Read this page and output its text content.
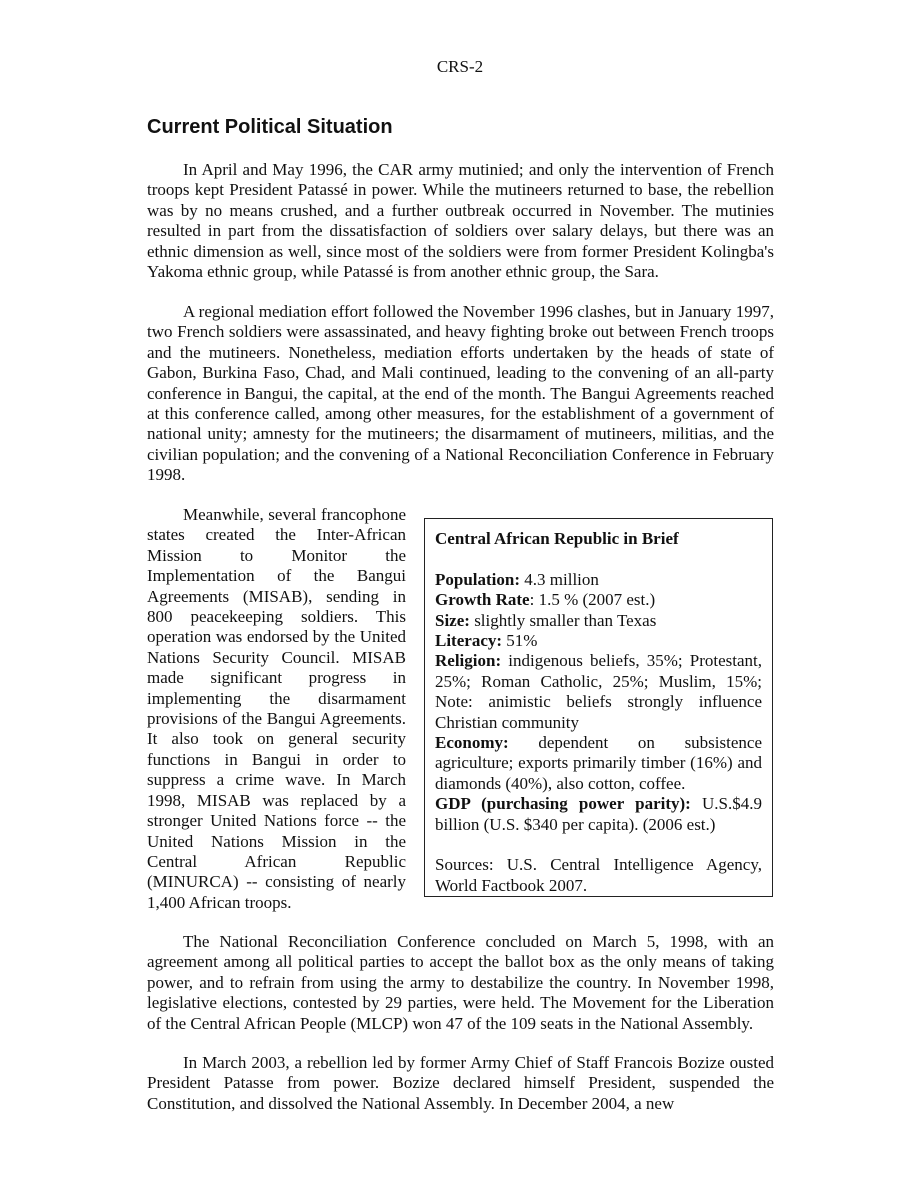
CRS-2
Current Political Situation

In April and May 1996, the CAR army mutinied; and only the intervention of French troops kept President Patassé in power. While the mutineers returned to base, the rebellion was by no means crushed, and a further outbreak occurred in November. The mutinies resulted in part from the dissatisfaction of soldiers over salary delays, but there was an ethnic dimension as well, since most of the soldiers were from former President Kolingba's Yakoma ethnic group, while Patassé is from another ethnic group, the Sara.

A regional mediation effort followed the November 1996 clashes, but in January 1997, two French soldiers were assassinated, and heavy fighting broke out between French troops and the mutineers. Nonetheless, mediation efforts undertaken by the heads of state of Gabon, Burkina Faso, Chad, and Mali continued, leading to the convening of an all-party conference in Bangui, the capital, at the end of the month. The Bangui Agreements reached at this conference called, among other measures, for the establishment of a government of national unity; amnesty for the mutineers; the disarmament of mutineers, militias, and the civilian population; and the convening of a National Reconciliation Conference in February 1998.

Meanwhile, several francophone states created the Inter-African Mission to Monitor the Implementation of the Bangui Agreements (MISAB), sending in 800 peacekeeping soldiers. This operation was endorsed by the United Nations Security Council. MISAB made significant progress in implementing the disarmament provisions of the Bangui Agreements. It also took on general security functions in Bangui in order to suppress a crime wave. In March 1998, MISAB was replaced by a stronger United Nations force -- the United Nations Mission in the Central African Republic (MINURCA) -- consisting of nearly 1,400 African troops.

Central African Republic in Brief

Population: 4.3 million

Growth Rate: 1.5 % (2007 est.)

Size: slightly smaller than Texas

Literacy: 51%

Religion: indigenous beliefs, 35%; Protestant, 25%; Roman Catholic, 25%; Muslim, 15%; Note: animistic beliefs strongly influence Christian community

Economy: dependent on subsistence agriculture; exports primarily timber (16%) and diamonds (40%), also cotton, coffee.

GDP (purchasing power parity): U.S.$4.9 billion (U.S. $340 per capita). (2006 est.)

Sources: U.S. Central Intelligence Agency, World Factbook 2007.

The National Reconciliation Conference concluded on March 5, 1998, with an agreement among all political parties to accept the ballot box as the only means of taking power, and to refrain from using the army to destabilize the country. In November 1998, legislative elections, contested by 29 parties, were held. The Movement for the Liberation of the Central African People (MLCP) won 47 of the 109 seats in the National Assembly.

In March 2003, a rebellion led by former Army Chief of Staff Francois Bozize ousted President Patasse from power. Bozize declared himself President, suspended the Constitution, and dissolved the National Assembly. In December 2004, a new
